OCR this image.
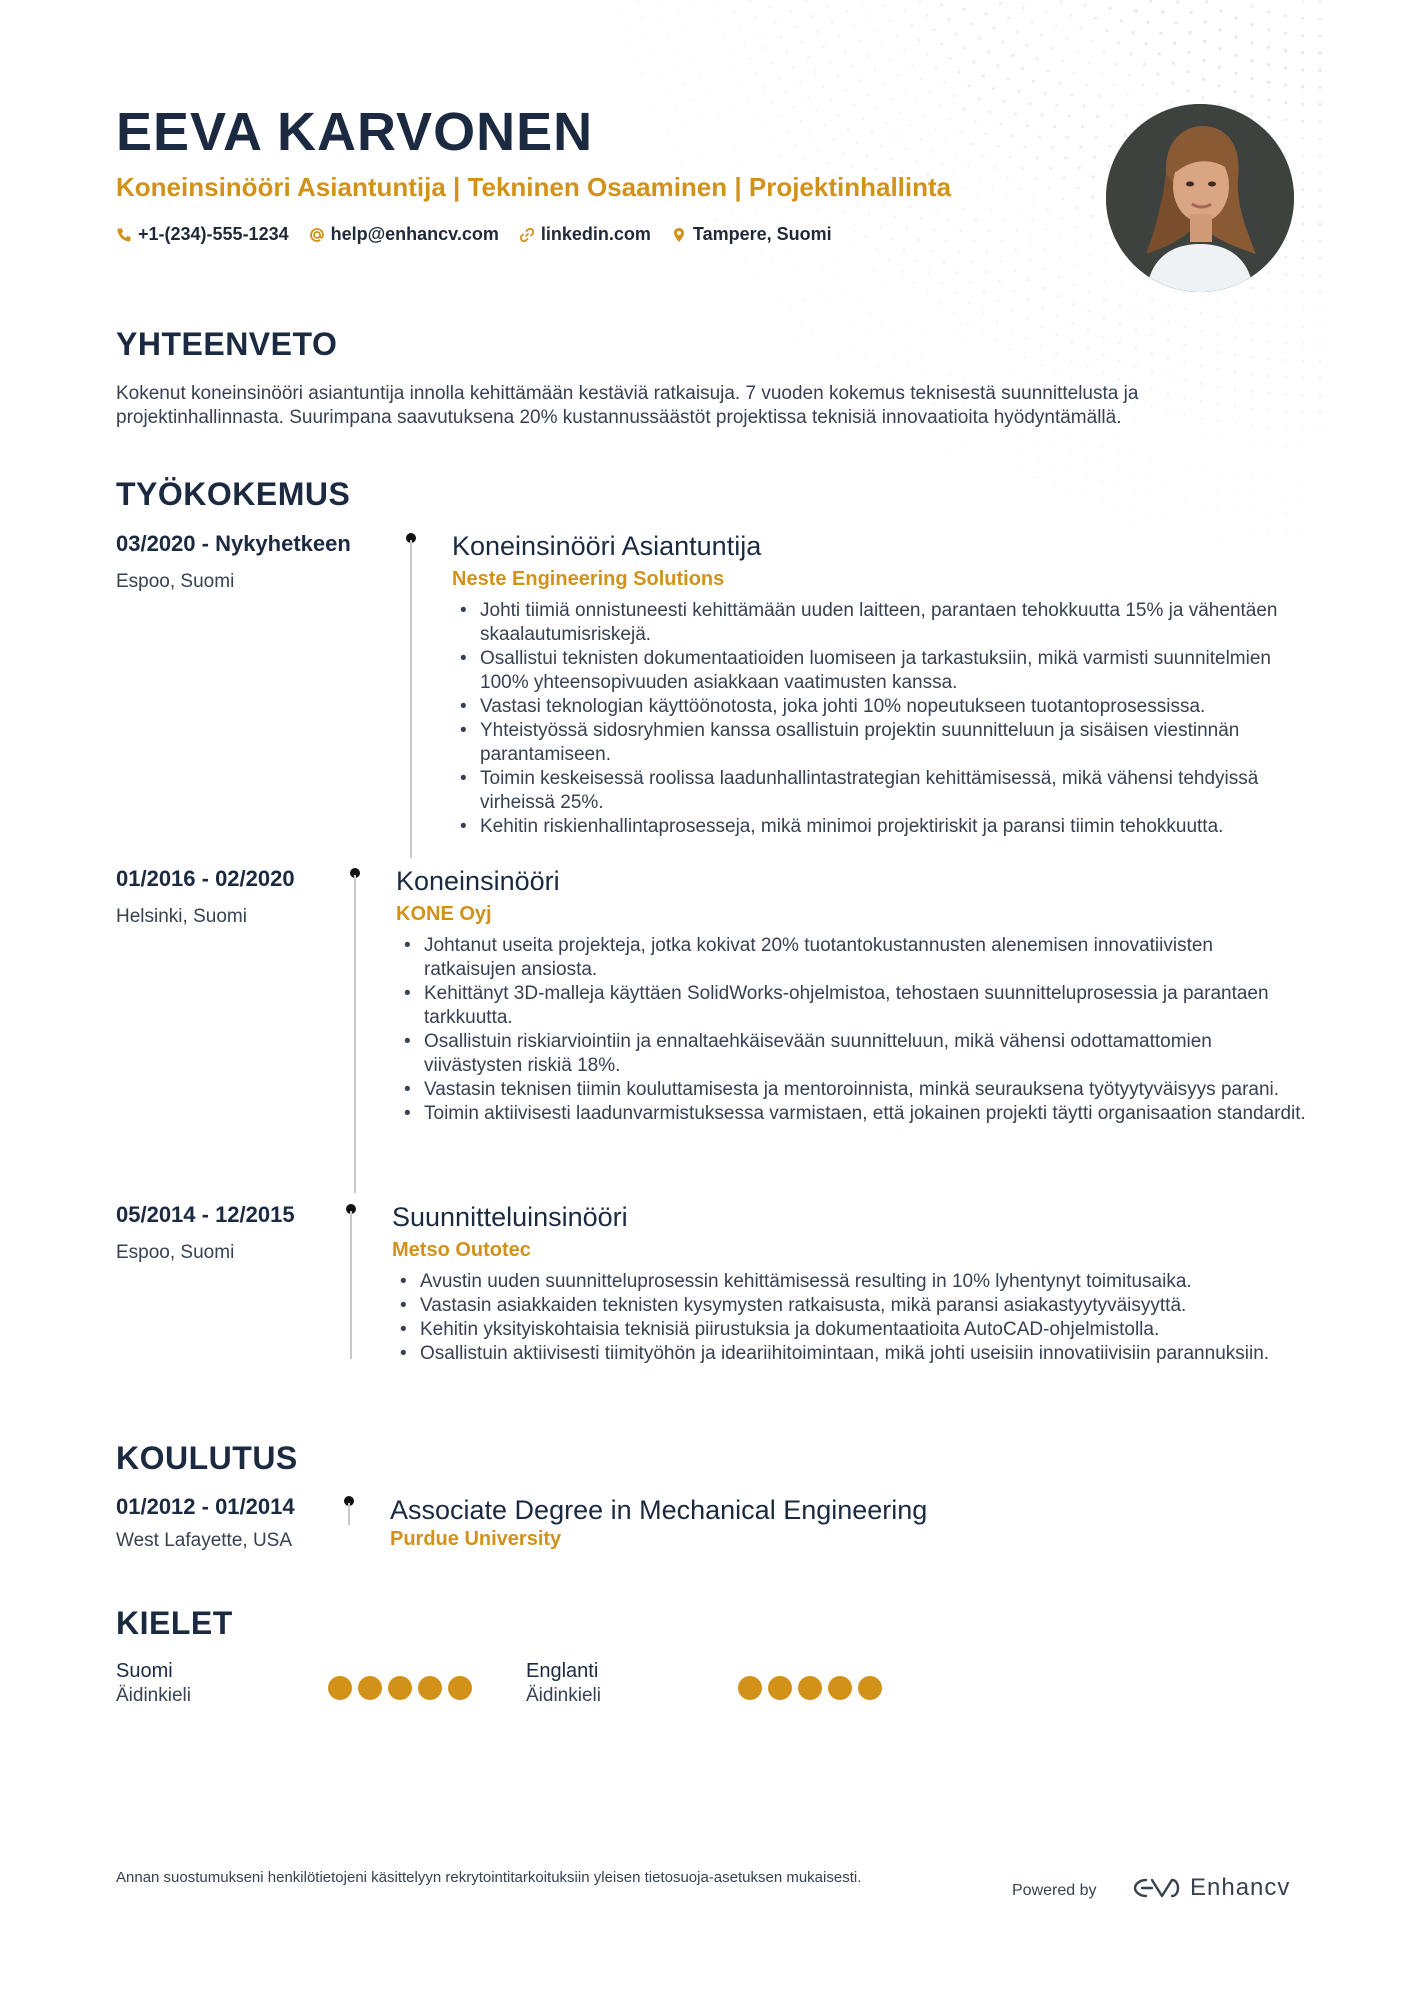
EEVA KARVONEN
Koneinsinööri Asiantuntija | Tekninen Osaaminen | Projektinhallinta
+1-(234)-555-1234 help@enhancv.com linkedin.com Tampere, Suomi
YHTEENVETO
Kokenut koneinsinööri asiantuntija innolla kehittämään kestäviä ratkaisuja. 7 vuoden kokemus teknisestä suunnittelusta ja projektinhallinnasta. Suurimpana saavutuksena 20% kustannussäästöt projektissa teknisiä innovaatioita hyödyntämällä.
TYÖKOKEMUS
03/2020 - Nykyhetkeen
Espoo, Suomi
Koneinsinööri Asiantuntija
Neste Engineering Solutions
• Johti tiimiä onnistuneesti kehittämään uuden laitteen, parantaen tehokkuutta 15% ja vähentäen skaalautumisriskejä.
• Osallistui teknisten dokumentaatioiden luomiseen ja tarkastuksiin, mikä varmisti suunnitelmien 100% yhteensopivuuden asiakkaan vaatimusten kanssa.
• Vastasi teknologian käyttöönotosta, joka johti 10% nopeutukseen tuotantoprosessissa.
• Yhteistyössä sidosryhmien kanssa osallistuin projektin suunnitteluun ja sisäisen viestinnän parantamiseen.
• Toimin keskeisessä roolissa laadunhallintastrategian kehittämisessä, mikä vähensi tehdyissä virheissä 25%.
• Kehitin riskienhallintaprosesseja, mikä minimoi projektiriskit ja paransi tiimin tehokkuutta.
01/2016 - 02/2020
Helsinki, Suomi
Koneinsinööri
KONE Oyj
• Johtanut useita projekteja, jotka kokivat 20% tuotantokustannusten alenemisen innovatiivisten ratkaisujen ansiosta.
• Kehittänyt 3D-malleja käyttäen SolidWorks-ohjelmistoa, tehostaen suunnitteluprosessia ja parantaen tarkkuutta.
• Osallistuin riskiarviointiin ja ennaltaehkäisevään suunnitteluun, mikä vähensi odottamattomien viivästysten riskiä 18%.
• Vastasin teknisen tiimin kouluttamisesta ja mentoroinnista, minkä seurauksena työtyytyväisyys parani.
• Toimin aktiivisesti laadunvarmistuksessa varmistaen, että jokainen projekti täytti organisaation standardit.
05/2014 - 12/2015
Espoo, Suomi
Suunnitteluinsinööri
Metso Outotec
• Avustin uuden suunnitteluprosessin kehittämisessä resulting in 10% lyhentynyt toimitusaika.
• Vastasin asiakkaiden teknisten kysymysten ratkaisusta, mikä paransi asiakastyytyväisyyttä.
• Kehitin yksityiskohtaisia teknisiä piirustuksia ja dokumentaatioita AutoCAD-ohjelmistolla.
• Osallistuin aktiivisesti tiimityöhön ja ideariihitoimintaan, mikä johti useisiin innovatiivisiin parannuksiin.
KOULUTUS
01/2012 - 01/2014
West Lafayette, USA
Associate Degree in Mechanical Engineering
Purdue University
KIELET
Suomi
Äidinkieli
Englanti
Äidinkieli
Annan suostumukseni henkilötietojeni käsittelyyn rekrytointitarkoituksiin yleisen tietosuoja-asetuksen mukaisesti.
Powered by	Enhancv
